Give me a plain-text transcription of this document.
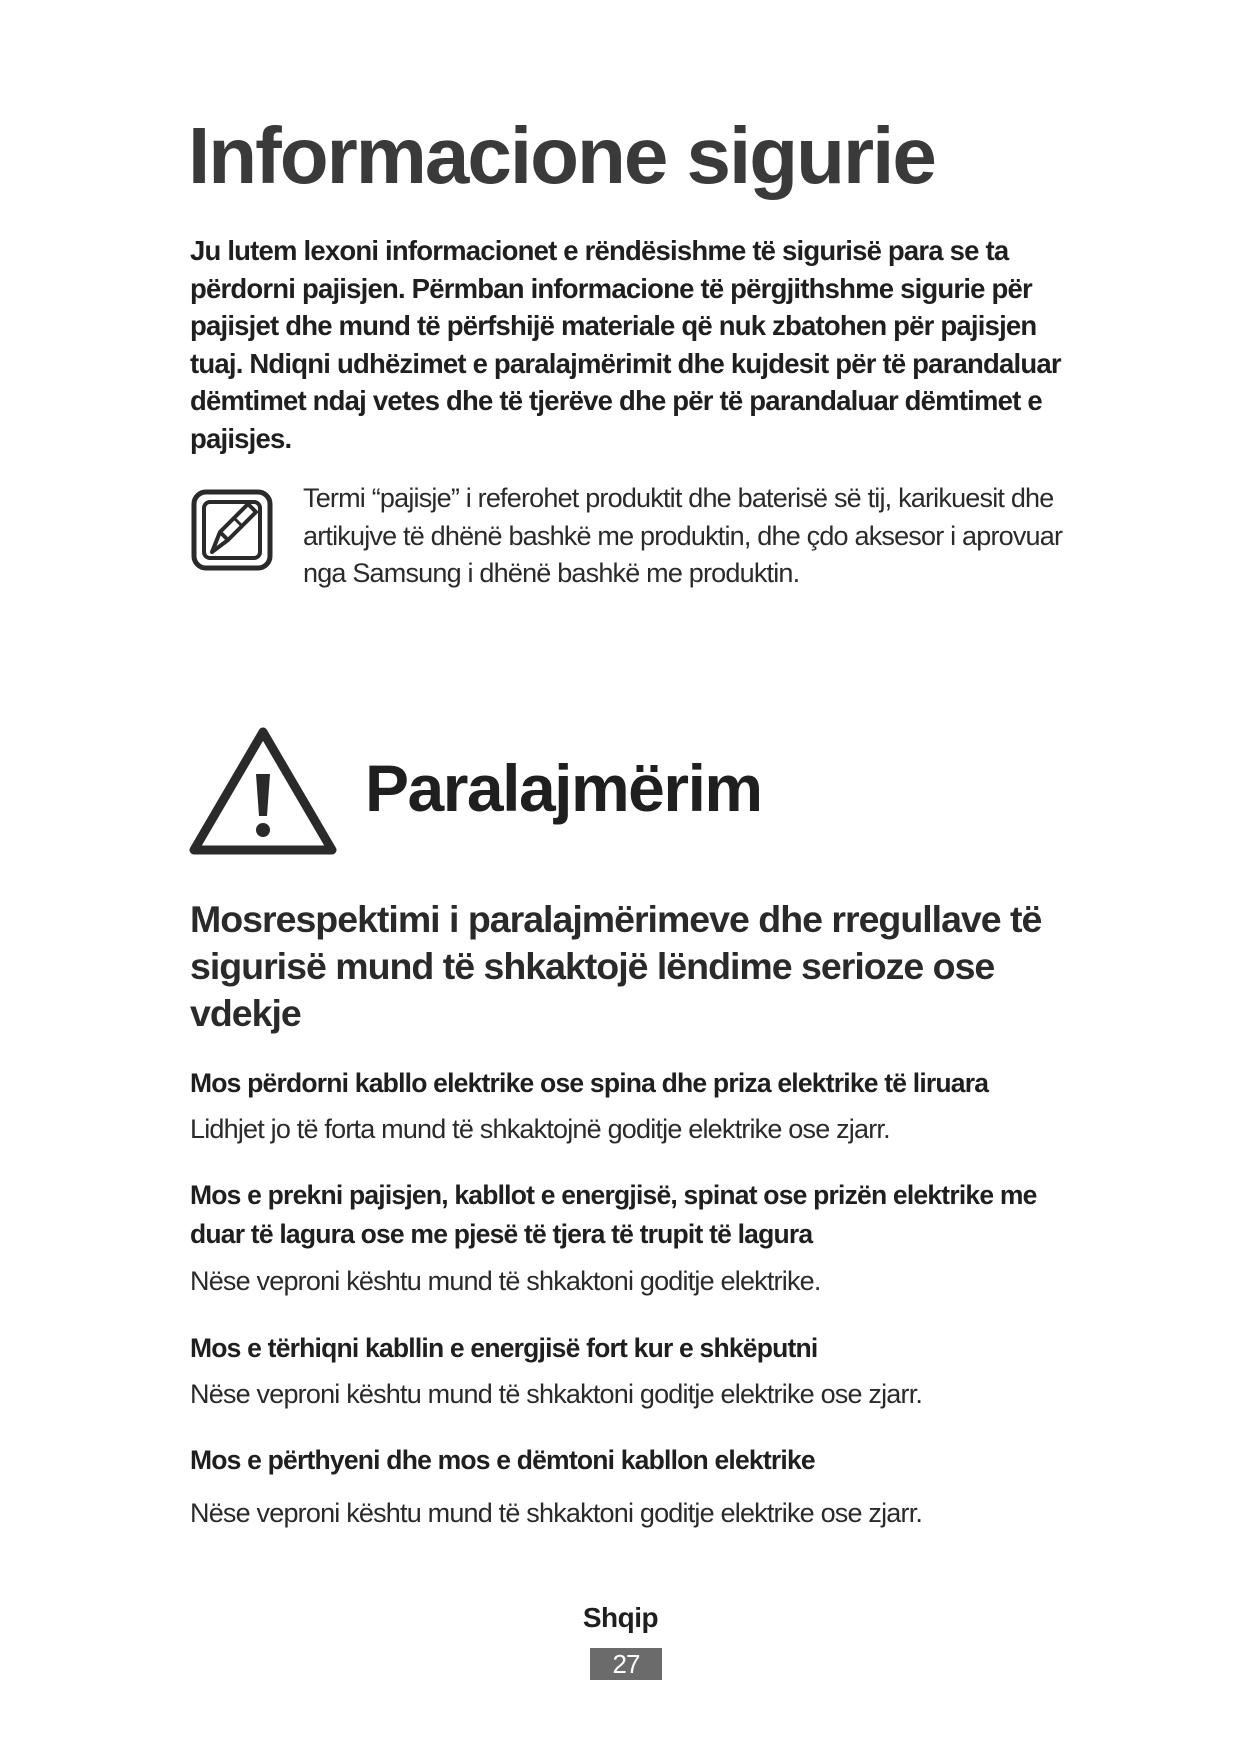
Informacione sigurie

Ju lutem lexoni informacionet e rëndësishme të sigurisë para se ta përdorni pajisjen. Përmban informacione të përgjithshme sigurie për pajisjet dhe mund të përfshijë materiale që nuk zbatohen për pajisjen tuaj. Ndiqni udhëzimet e paralajmërimit dhe kujdesit për të parandaluar dëmtimet ndaj vetes dhe të tjerëve dhe për të parandaluar dëmtimet e pajisjes.

Termi “pajisje” i referohet produktit dhe baterisë së tij, karikuesit dhe artikujve të dhënë bashkë me produktin, dhe çdo aksesor i aprovuar nga Samsung i dhënë bashkë me produktin.

Paralajmërim
Mosrespektimi i paralajmërimeve dhe rregullave të sigurisë mund të shkaktojë lëndime serioze ose vdekje

Mos përdorni kabllo elektrike ose spina dhe priza elektrike të liruara

Lidhjet jo të forta mund të shkaktojnë goditje elektrike ose zjarr.

Mos e prekni pajisjen, kabllot e energjisë, spinat ose prizën elektrike me duar të lagura ose me pjesë të tjera të trupit të lagura

Nëse veproni kështu mund të shkaktoni goditje elektrike.

Mos e tërhiqni kabllin e energjisë fort kur e shkëputni

Nëse veproni kështu mund të shkaktoni goditje elektrike ose zjarr.

Mos e përthyeni dhe mos e dëmtoni kabllon elektrike

Nëse veproni kështu mund të shkaktoni goditje elektrike ose zjarr.

Shqip
27
